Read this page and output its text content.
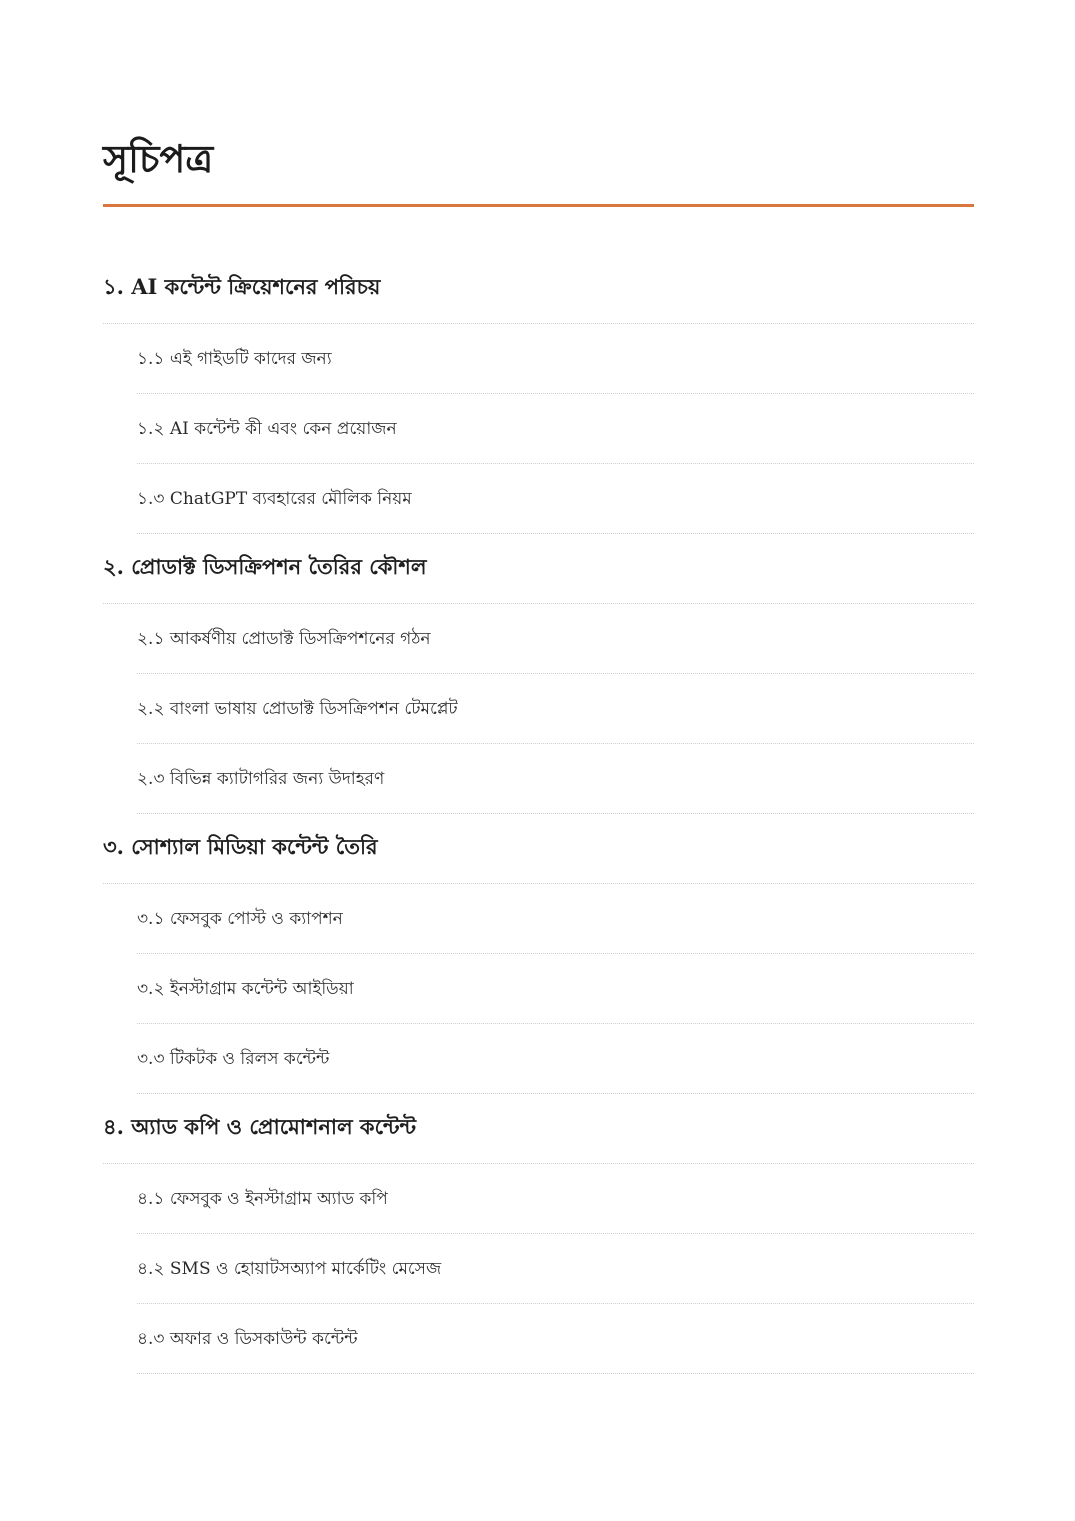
সূচিপত্র
১. AI কন্টেন্ট ক্রিয়েশনের পরিচয়
১.১ এই গাইডটি কাদের জন্য
১.২ AI কন্টেন্ট কী এবং কেন প্রয়োজন
১.৩ ChatGPT ব্যবহারের মৌলিক নিয়ম
২. প্রোডাক্ট ডিসক্রিপশন তৈরির কৌশল
২.১ আকর্ষণীয় প্রোডাক্ট ডিসক্রিপশনের গঠন
২.২ বাংলা ভাষায় প্রোডাক্ট ডিসক্রিপশন টেমপ্লেট
২.৩ বিভিন্ন ক্যাটাগরির জন্য উদাহরণ
৩. সোশ্যাল মিডিয়া কন্টেন্ট তৈরি
৩.১ ফেসবুক পোস্ট ও ক্যাপশন
৩.২ ইনস্টাগ্রাম কন্টেন্ট আইডিয়া
৩.৩ টিকটক ও রিলস কন্টেন্ট
৪. অ্যাড কপি ও প্রোমোশনাল কন্টেন্ট
৪.১ ফেসবুক ও ইনস্টাগ্রাম অ্যাড কপি
৪.২ SMS ও হোয়াটসঅ্যাপ মার্কেটিং মেসেজ
৪.৩ অফার ও ডিসকাউন্ট কন্টেন্ট
